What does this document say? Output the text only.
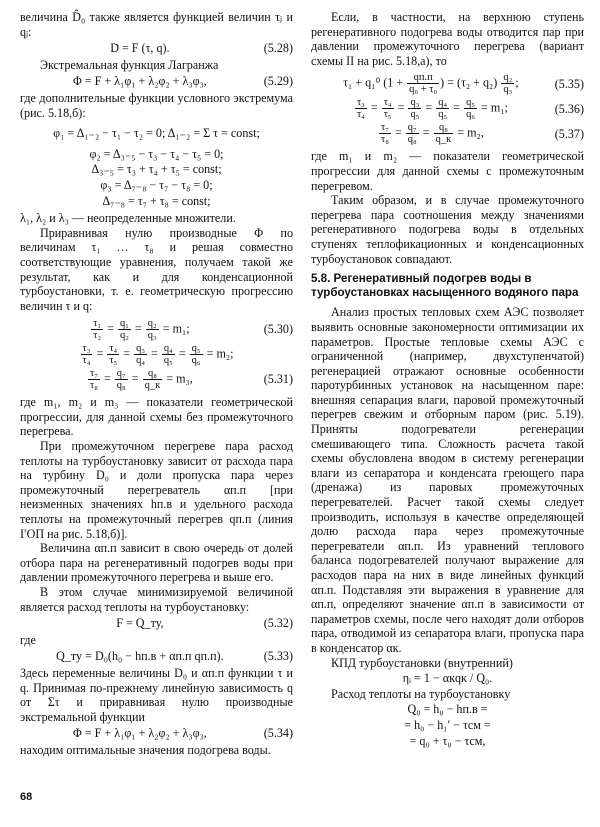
величина D̂₀ также является функцией величин τⱼ и qⱼ:

D = F (τ, q).	(5.28)

Экстремальная функция Лагранжа

Φ = F + λ₁φ₁ + λ₂φ₂ + λ₃φ₃,	(5.29)

где дополнительные функции условного экстремума (рис. 5.18,б):

φ₁ = Δ₁₋₂ − τ₁ − τ₂ = 0; Δ₁₋₂ = Σ τ = const;
φ₂ = Δ₃₋₅ − τ₃ − τ₄ − τ₅ = 0;
Δ₃₋₅ = τ₃ + τ₄ + τ₅ = const;
φ₃ = Δ₇₋₈ − τ₇ − τ₈ = 0;
Δ₇₋₈ = τ₇ + τ₈ = const;

λ₁, λ₂ и λ₃ — неопределенные множители.

Приравнивая нулю производные Φ по величинам τ₁ … τ₈ и решая совместно соответствующие уравнения, получаем такой же результат, как и для конденсационной турбоустановки, т. е. геометрическую прогрессию величин τ и q:

$\frac{\text{τ₁}}{\text{τ₂}} = \frac{\text{q₁}}{\text{q₂}} = \frac{\text{q₂}}{\text{q₃}} = m_1$;	(5.30)
$\frac{\text{τ₃}}{\text{τ₄}} = \frac{\text{τ₄}}{\text{τ₅}} = \frac{\text{q₃}}{\text{q₄}} = \frac{\text{q₄}}{\text{q₅}} = \frac{\text{q₅}}{\text{q₆}} = m_2$;
$\frac{\text{τ₇}}{\text{τ₈}} = \frac{\text{q₇}}{\text{q₈}} = \frac{\text{q₈}}{q\_к} = m_3$,	(5.31)

где m₁, m₂ и m₃ — показатели геометрической прогрессии, для данной схемы без промежуточного перегрева.

При промежуточном перегреве пара расход теплоты на турбоустановку зависит от расхода пара на турбину D₀ и доли пропуска пара через промежуточный перегреватель αп.п [при неизменных значениях hп.в и удельного расхода теплоты на промежуточный перегрев qп.п (линия I′OП на рис. 5.18,б)].

Величина αп.п зависит в свою очередь от долей отбора пара на регенеративный подогрев воды при давлении промежуточного перегрева и выше его.

В этом случае минимизируемой величиной является расход теплоты на турбоустановку:

F = Q_ту,	(5.32)

где

Q_ту = D₀(h₀ − hп.в + αп.п qп.п).	(5.33)

Здесь переменные величины D₀ и αп.п функции τ и q. Принимая по-прежнему линейную зависимость q от Στ и приравнивая нулю производные экстремальной функции

Φ = F + λ₁φ₁ + λ₂φ₂ + λ₃φ₃,	(5.34)

находим оптимальные значения подогрева воды.

Если, в частности, на верхнюю ступень регенеративного подогрева воды отводится пар при давлении промежуточного перегрева (вариант схемы II на рис. 5.18,а), то

τ₁ + q₁⁰ ($1 + \frac{qп.п}{\text{q₀ + τ₀}}$ ) = $(\tau_2 + q_2) \frac{\text{q₂}}{\text{q₃}}$ ;	(5.35)
$\frac{\text{τ₃}}{\text{τ₄}} = \frac{\text{τ₄}}{\text{τ₅}} = \frac{\text{q₃}}{\text{q₅}} = \frac{\text{q₄}}{\text{q₅}} = \frac{\text{q₅}}{\text{q₆}} = m_1$;	(5.36)
$\frac{\text{τ₇}}{\text{τ₈}} = \frac{\text{q₇}}{\text{q₈}} = \frac{\text{q₈}}{q\_к} = m_2$,	(5.37)

где m₁ и m₂ — показатели геометрической прогрессии для данной схемы с промежуточным перегревом.

Таким образом, и в случае промежуточного перегрева пара соотношения между значениями регенеративного подогрева воды в отдельных ступенях теплофикационных и конденсационных турбоустановок совпадают.

5.8. Регенеративный подогрев воды в турбоустановках насыщенного водяного пара

Анализ простых тепловых схем АЭС позволяет выявить основные закономерности оптимизации их параметров. Простые тепловые схемы АЭС с ограниченной (например, двухступенчатой) регенерацией отражают основные особенности паротурбинных установок на насыщенном паре: внешняя сепарация влаги, паровой промежуточный перегрев свежим и отборным паром (рис. 5.19). Приняты подогреватели регенерации смешивающего типа. Сложность расчета такой схемы обусловлена вводом в систему регенерации влаги из сепаратора и конденсата греющего пара (дренажа) из паровых промежуточных перегревателей. Расчет такой схемы следует производить, используя в качестве определяющей долю расхода пара через промежуточные перегреватели αп.п. Из уравнений теплового баланса подогревателей получают выражение для расходов пара на них в виде линейных функций αп.п. Подставляя эти выражения в уравнение для αп.п, определяют значение αп.п в зависимости от параметров схемы, после чего находят доли отборов пара, отводимой из сепаратора влаги, пропуска пара в конденсатор αк.

КПД турбоустановки (внутренний)

ηᵢ = 1 − αкqк / Q₀.

Расход теплоты на турбоустановку

Q₀ = h₀ − hп.в =
= h₀ − h₁′ − τсм =
= q₀ + τ₀ − τсм,
68
